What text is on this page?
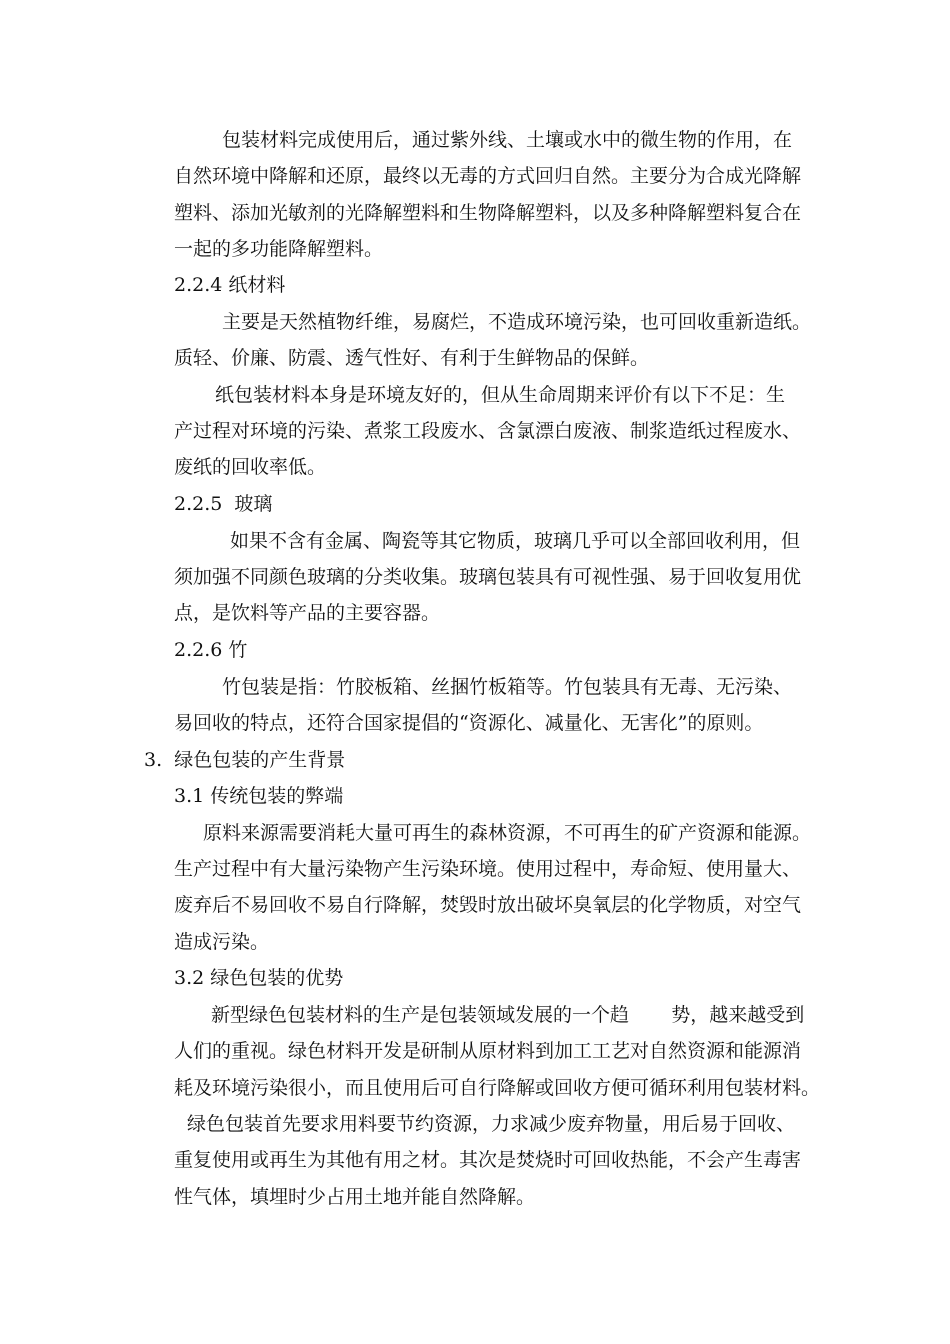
包装材料完成使用后，通过紫外线、土壤或水中的微生物的作用，在
自然环境中降解和还原，最终以无毒的方式回归自然。主要分为合成光降解
塑料、添加光敏剂的光降解塑料和生物降解塑料，以及多种降解塑料复合在
一起的多功能降解塑料。
2.2.4 纸材料
主要是天然植物纤维，易腐烂，不造成环境污染，也可回收重新造纸。
质轻、价廉、防震、透气性好、有利于生鲜物品的保鲜。
纸包装材料本身是环境友好的，但从生命周期来评价有以下不足：生
产过程对环境的污染、煮浆工段废水、含氯漂白废液、制浆造纸过程废水、
废纸的回收率低。
2.2.5  玻璃
如果不含有金属、陶瓷等其它物质，玻璃几乎可以全部回收利用，但
须加强不同颜色玻璃的分类收集。玻璃包装具有可视性强、易于回收复用优
点，是饮料等产品的主要容器。
2.2.6 竹
竹包装是指：竹胶板箱、丝捆竹板箱等。竹包装具有无毒、无污染、
易回收的特点，还符合国家提倡的“资源化、减量化、无害化”的原则。
3.  绿色包装的产生背景
3.1 传统包装的弊端
原料来源需要消耗大量可再生的森林资源，不可再生的矿产资源和能源。
生产过程中有大量污染物产生污染环境。使用过程中，寿命短、使用量大、
废弃后不易回收不易自行降解，焚毁时放出破坏臭氧层的化学物质，对空气
造成污染。
3.2 绿色包装的优势
新型绿色包装材料的生产是包装领域发展的一个趋       势，越来越受到
人们的重视。绿色材料开发是研制从原材料到加工工艺对自然资源和能源消
耗及环境污染很小，而且使用后可自行降解或回收方便可循环利用包装材料。
绿色包装首先要求用料要节约资源，力求减少废弃物量，用后易于回收、
重复使用或再生为其他有用之材。其次是焚烧时可回收热能，不会产生毒害
性气体，填埋时少占用土地并能自然降解。
